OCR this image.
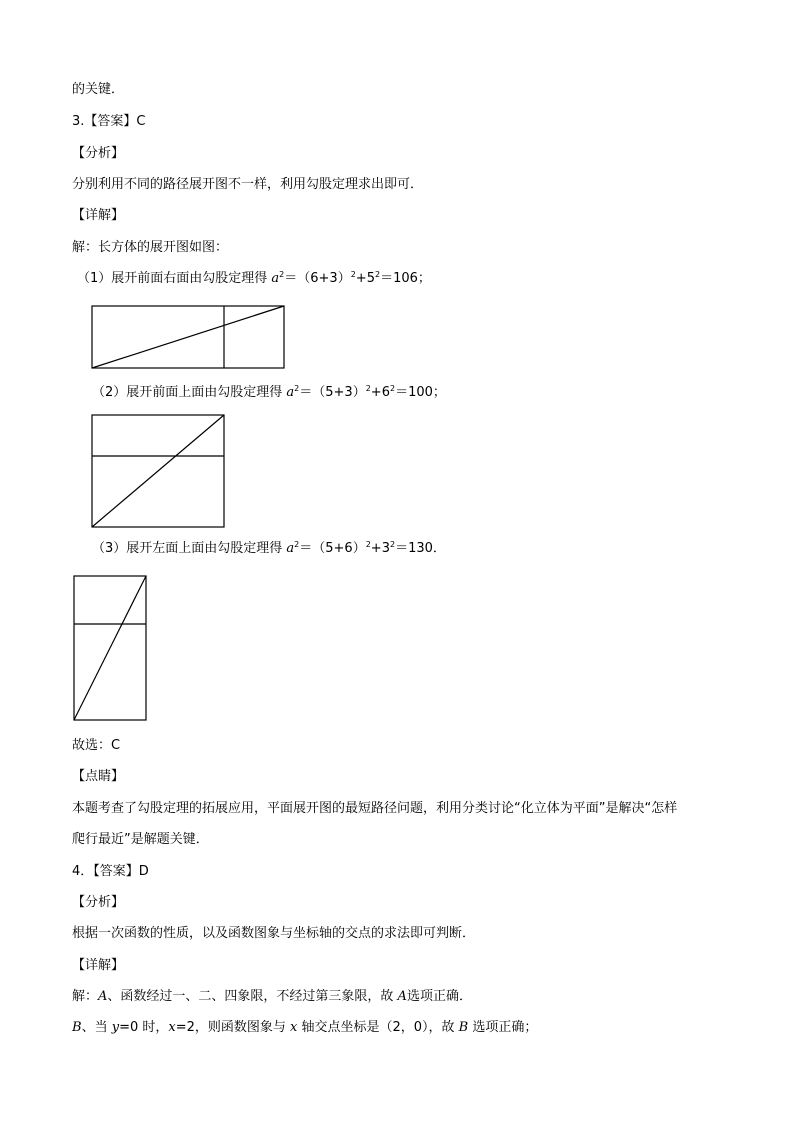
的关键．
3.【答案】C
【分析】
分别利用不同的路径展开图不一样，利用勾股定理求出即可．
【详解】
解：长方体的展开图如图：
（1）展开前面右面由勾股定理得 $a^2=(6+3)^2+5^2=106$；
（2）展开前面上面由勾股定理得 $a^2=(5+3)^2+6^2=100$；
（3）展开左面上面由勾股定理得 $a^2=(5+6)^2+3^2=130$．
故选：C
【点睛】
本题考查了勾股定理的拓展应用，平面展开图的最短路径问题，利用分类讨论“化立体为平面”是解决“怎样
爬行最近”是解题关键．
4．【答案】D
【分析】
根据一次函数的性质，以及函数图象与坐标轴的交点的求法即可判断．
【详解】
解：A、函数经过一、二、四象限，不经过第三象限，故 A选项正确．
B、当 y=0 时，x=2，则函数图象与 x 轴交点坐标是（2，0），故 B 选项正确；
